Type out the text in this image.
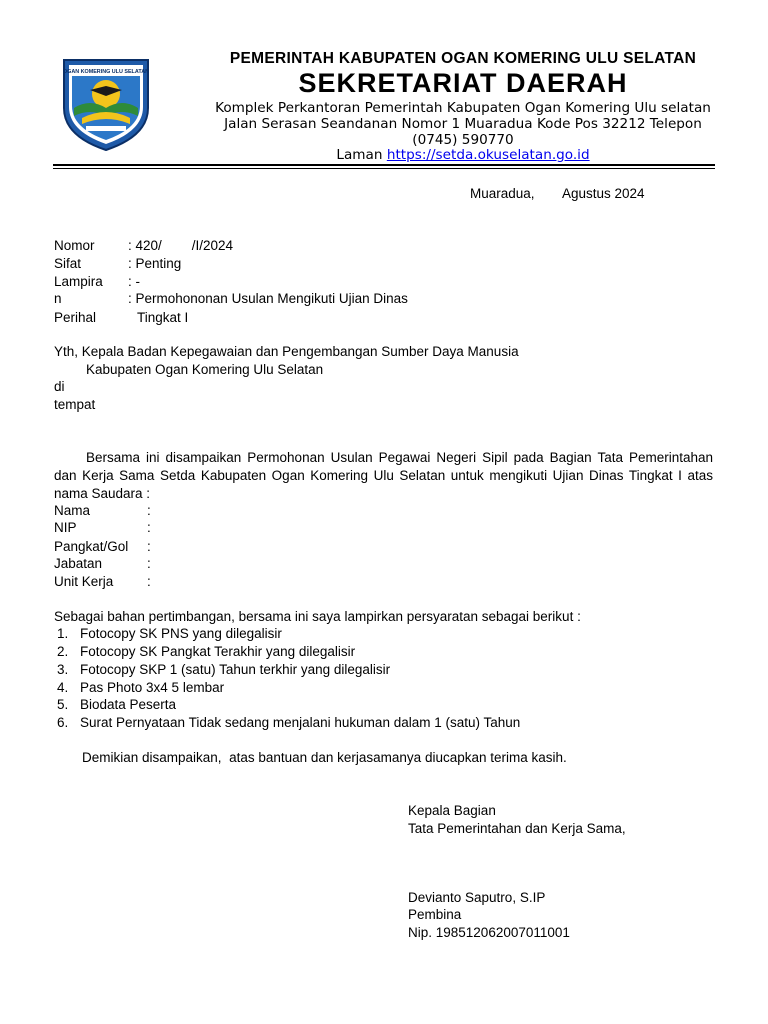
OGAN KOMERING ULU SELATAN
PEMERINTAH KABUPATEN OGAN KOMERING ULU SELATAN
SEKRETARIAT DAERAH
Komplek Perkantoran Pemerintah Kabupaten Ogan Komering Ulu selatan
Jalan Serasan Seandanan Nomor 1 Muaradua Kode Pos 32212 Telepon
(0745) 590770
Laman https://setda.okuselatan.go.id
Muaradua, Agustus 2024
Nomor : 420/        /I/2024
Sifat	: Penting
Lampira : -
n	: Permohononan Usulan Mengikuti Ujian Dinas
Perihal	Tingkat I
Yth, Kepala Badan Kepegawaian dan Pengembangan Sumber Daya Manusia
Kabupaten Ogan Komering Ulu Selatan
di
tempat
Bersama ini disampaikan Permohonan Usulan Pegawai Negeri Sipil pada Bagian Tata Pemerintahan dan Kerja Sama Setda Kabupaten Ogan Komering Ulu Selatan untuk mengikuti Ujian Dinas Tingkat I atas nama Saudara :
Nama	:
NIP	:
Pangkat/Gol :
Jabatan	:
Unit Kerja :
Sebagai bahan pertimbangan, bersama ini saya lampirkan persyaratan sebagai berikut :
1. Fotocopy SK PNS yang dilegalisir
2. Fotocopy SK Pangkat Terakhir yang dilegalisir
3. Fotocopy SKP 1 (satu) Tahun terkhir yang dilegalisir
4. Pas Photo 3x4 5 lembar
5. Biodata Peserta
6. Surat Pernyataan Tidak sedang menjalani hukuman dalam 1 (satu) Tahun
Demikian disampaikan,  atas bantuan dan kerjasamanya diucapkan terima kasih.
Kepala Bagian
Tata Pemerintahan dan Kerja Sama,
Devianto Saputro, S.IP
Pembina
Nip. 198512062007011001
